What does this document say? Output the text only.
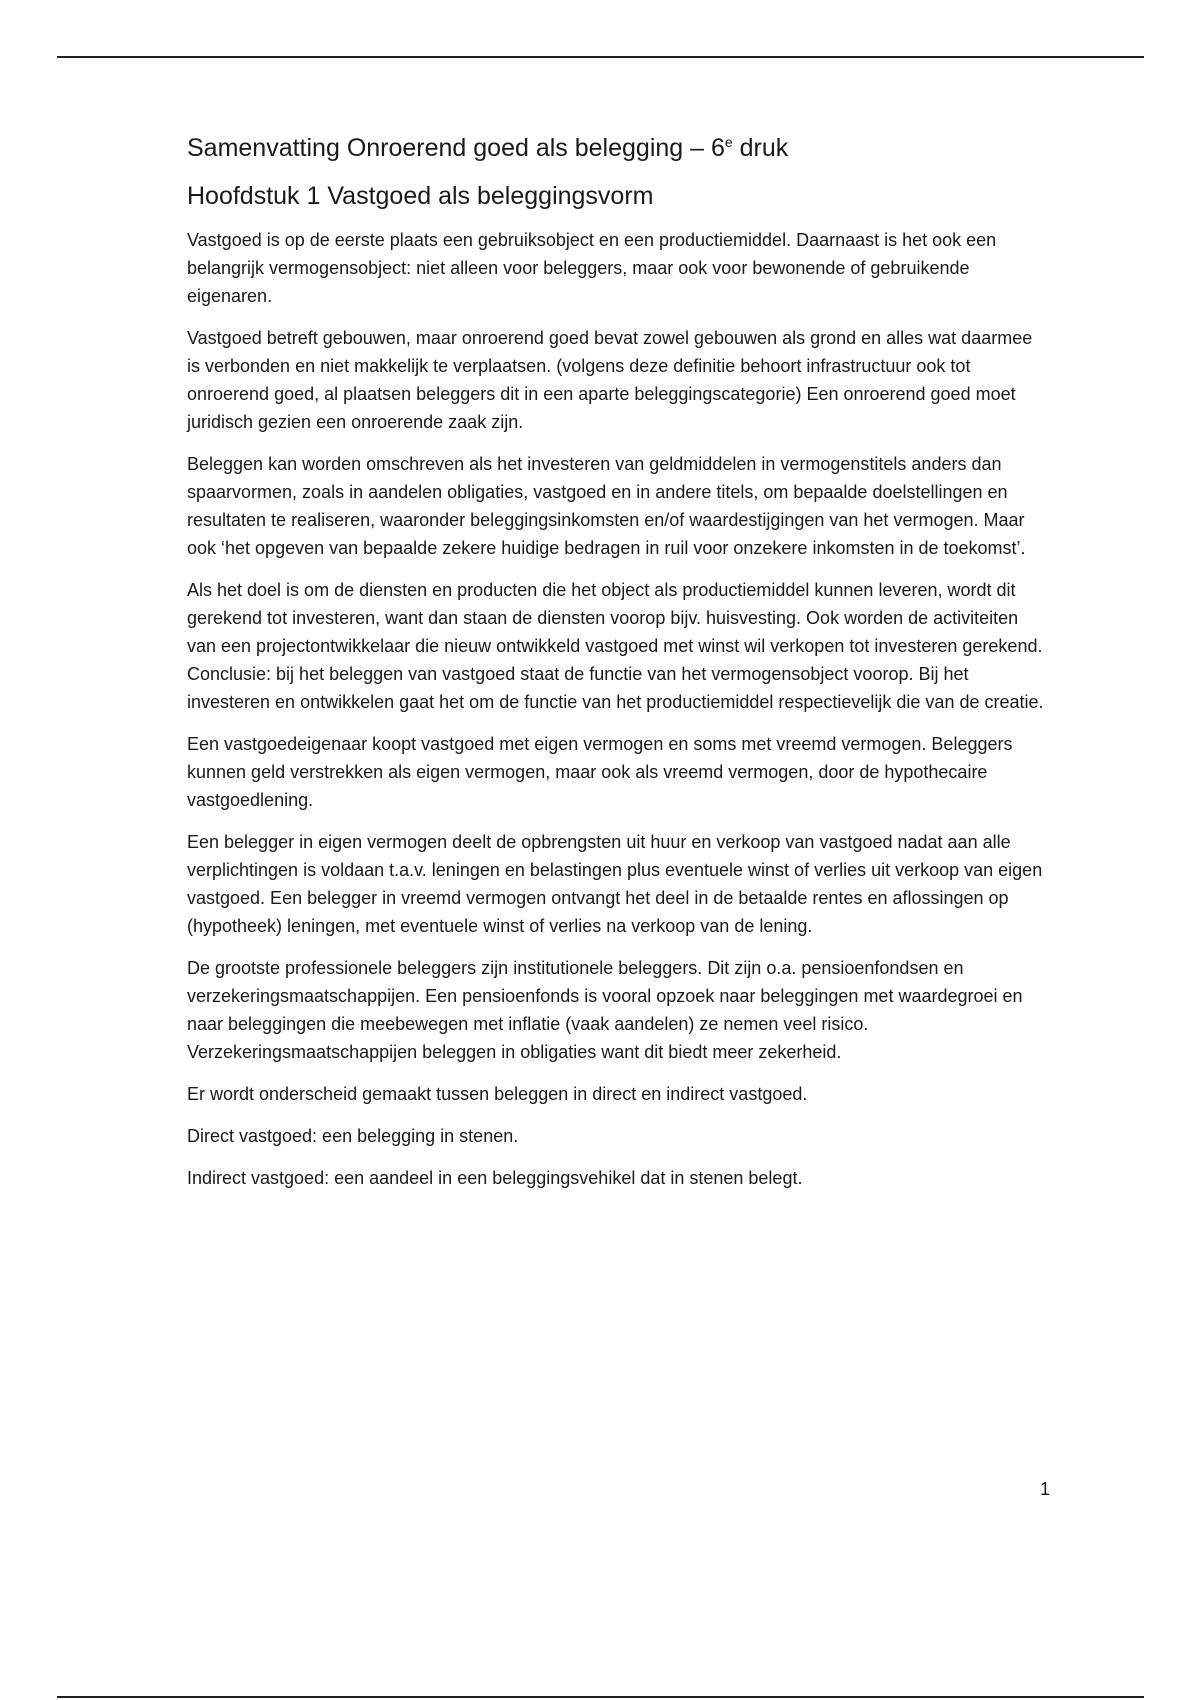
Samenvatting Onroerend goed als belegging – 6e druk
Hoofdstuk 1 Vastgoed als beleggingsvorm

Vastgoed is op de eerste plaats een gebruiksobject en een productiemiddel. Daarnaast is het ook een belangrijk vermogensobject: niet alleen voor beleggers, maar ook voor bewonende of gebruikende eigenaren.

Vastgoed betreft gebouwen, maar onroerend goed bevat zowel gebouwen als grond en alles wat daarmee is verbonden en niet makkelijk te verplaatsen. (volgens deze definitie behoort infrastructuur ook tot onroerend goed, al plaatsen beleggers dit in een aparte beleggingscategorie) Een onroerend goed moet juridisch gezien een onroerende zaak zijn.

Beleggen kan worden omschreven als het investeren van geldmiddelen in vermogenstitels anders dan spaarvormen, zoals in aandelen obligaties, vastgoed en in andere titels, om bepaalde doelstellingen en resultaten te realiseren, waaronder beleggingsinkomsten en/of waardestijgingen van het vermogen. Maar ook ‘het opgeven van bepaalde zekere huidige bedragen in ruil voor onzekere inkomsten in de toekomst’.

Als het doel is om de diensten en producten die het object als productiemiddel kunnen leveren, wordt dit gerekend tot investeren, want dan staan de diensten voorop bijv. huisvesting. Ook worden de activiteiten van een projectontwikkelaar die nieuw ontwikkeld vastgoed met winst wil verkopen tot investeren gerekend. Conclusie: bij het beleggen van vastgoed staat de functie van het vermogensobject voorop. Bij het investeren en ontwikkelen gaat het om de functie van het productiemiddel respectievelijk die van de creatie.

Een vastgoedeigenaar koopt vastgoed met eigen vermogen en soms met vreemd vermogen. Beleggers kunnen geld verstrekken als eigen vermogen, maar ook als vreemd vermogen, door de hypothecaire vastgoedlening.

Een belegger in eigen vermogen deelt de opbrengsten uit huur en verkoop van vastgoed nadat aan alle verplichtingen is voldaan t.a.v. leningen en belastingen plus eventuele winst of verlies uit verkoop van eigen vastgoed. Een belegger in vreemd vermogen ontvangt het deel in de betaalde rentes en aflossingen op (hypotheek) leningen, met eventuele winst of verlies na verkoop van de lening.

De grootste professionele beleggers zijn institutionele beleggers. Dit zijn o.a. pensioenfondsen en verzekeringsmaatschappijen. Een pensioenfonds is vooral opzoek naar beleggingen met waardegroei en naar beleggingen die meebewegen met inflatie (vaak aandelen) ze nemen veel risico. Verzekeringsmaatschappijen beleggen in obligaties want dit biedt meer zekerheid.

Er wordt onderscheid gemaakt tussen beleggen in direct en indirect vastgoed.

Direct vastgoed: een belegging in stenen.

Indirect vastgoed: een aandeel in een beleggingsvehikel dat in stenen belegt.

1
